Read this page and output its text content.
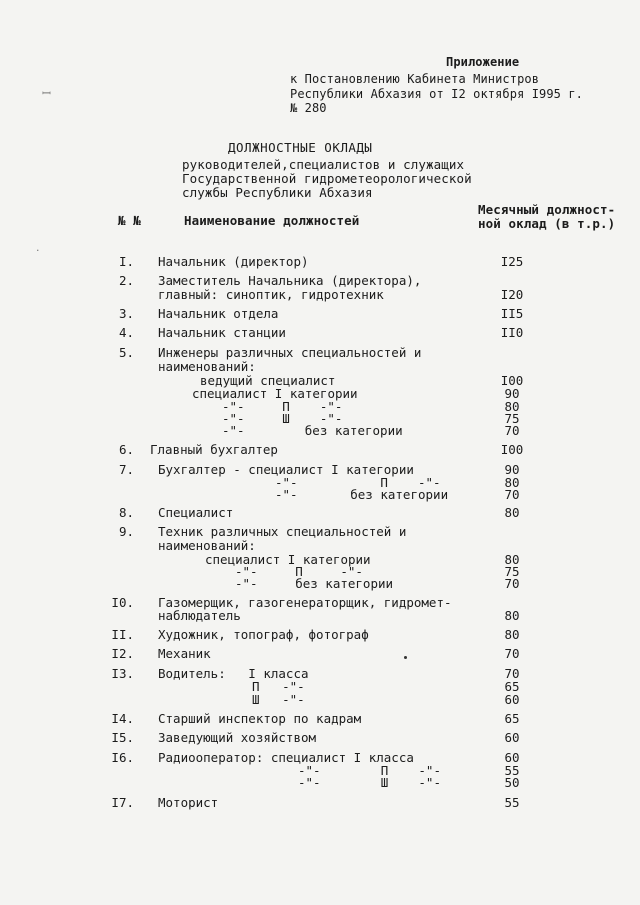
ꟷ
·
Приложение
к Постановлению Кабинета Министров
Республики Абхазия от I2 октября I995 г.
№ 280
ДОЛЖНОСТНЫЕ ОКЛАДЫ
руководителей,специалистов и служащих
Государственной гидрометеорологической
службы Республики Абхазия
№ №	Наименование должностей
Месячный должност-
ной оклад (в т.р.)
I. Начальник (директор)	I25
2. Заместитель Начальника (директора),
главный: синоптик, гидротехник	I20
3. Начальник отдела	II5
4. Начальник станции	II0
5. Инженеры различных специальностей и
наименований:
ведущий специалист	I00
специалист I категории	90
-"-     П    -"-	80
-"-     Ш    -"-	75
-"-        без категории	70
6. Главный бухгалтер	I00
7. Бухгалтер - специалист I категории	90
-"-           П    -"-	80
-"-       без категории	70
8. Специалист	80
9. Техник различных специальностей и
наименований:
специалист I категории	80
-"-     П     -"-	75
-"-     без категории	70
I0. Газомерщик, газогенераторщик, гидромет-
наблюдатель	80
II. Художник, топограф, фотограф	80
I2. Механик	70
I3. Водитель:   I класса	70
П   -"-	65
Ш   -"-	60
I4. Старший инспектор по кадрам	65
I5. Заведующий хозяйством	60
I6. Радиооператор: специалист I класса	60
-"-        П    -"-	55
-"-        Ш    -"-	50
I7. Моторист	55
